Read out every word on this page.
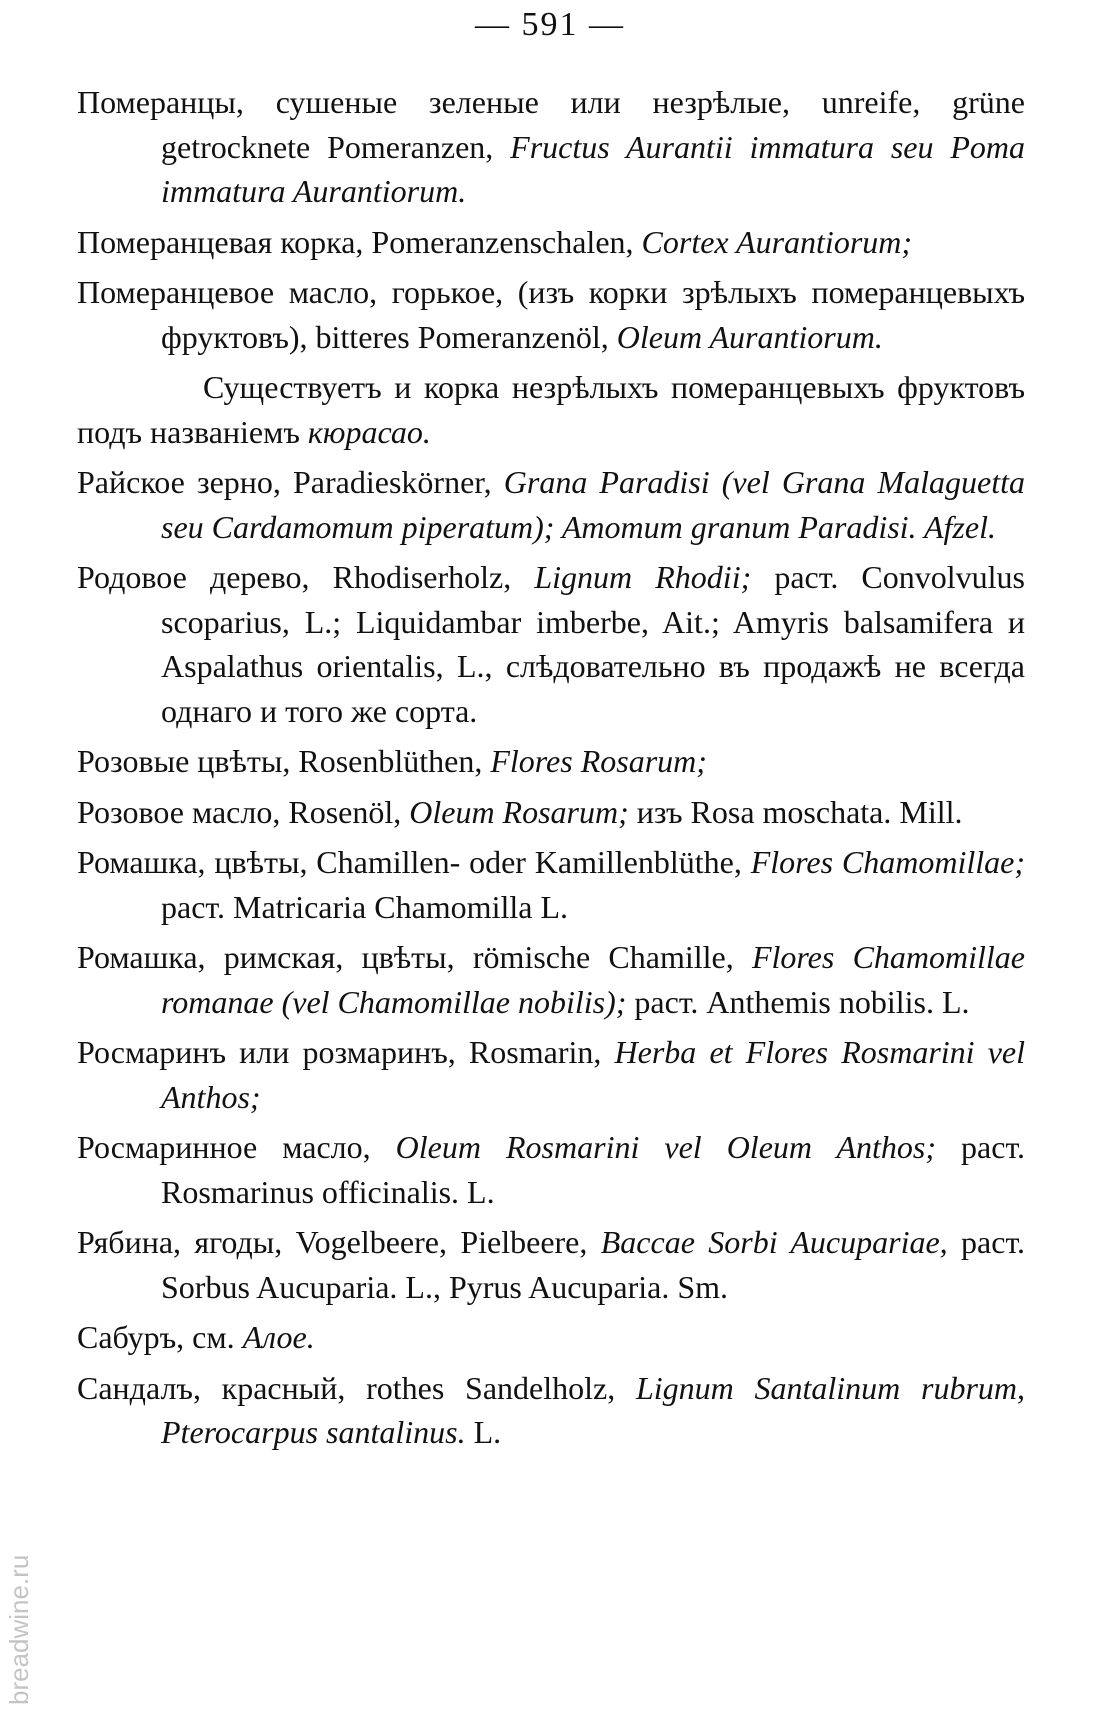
— 591 —

Померанцы, сушеные зеленые или незрѣлые, unreife, grüne getrocknete Pomeranzen, Fructus Aurantii immatura seu Poma immatura Aurantiorum.

Померанцевая корка, Pomeranzenschalen, Cortex Aurantiorum;

Померанцевое масло, горькое, (изъ корки зрѣлыхъ померанцевыхъ фруктовъ), bitteres Pomeranzenöl, Oleum Aurantiorum.

Существуетъ и корка незрѣлыхъ померанцевыхъ фруктовъ подъ названіемъ кюрасао.

Райское зерно, Paradieskörner, Grana Paradisi (vel Grana Malaguetta seu Cardamomum piperatum); Amomum granum Paradisi. Afzel.

Родовое дерево, Rhodiserholz, Lignum Rhodii; раст. Convolvulus scoparius, L.; Liquidambar imberbe, Ait.; Amyris balsamifera и Aspalathus orientalis, L., слѣдовательно въ продажѣ не всегда однаго и того же сорта.

Розовые цвѣты, Rosenblüthen, Flores Rosarum;

Розовое масло, Rosenöl, Oleum Rosarum; изъ Rosa moschata. Mill.

Ромашка, цвѣты, Chamillen- oder Kamillenblüthe, Flores Chamomillae; раст. Matricaria Chamomilla L.

Ромашка, римская, цвѣты, römische Chamille, Flores Chamomillae romanae (vel Chamomillae nobilis); раст. Anthemis nobilis. L.

Росмаринъ или розмаринъ, Rosmarin, Herba et Flores Rosmarini vel Anthos;

Росмаринное масло, Oleum Rosmarini vel Oleum Anthos; раст. Rosmarinus officinalis. L.

Рябина, ягоды, Vogelbeere, Pielbeere, Baccae Sorbi Aucupariae, раст. Sorbus Aucuparia. L., Pyrus Aucuparia. Sm.

Сабуръ, см. Алое.

Сандалъ, красный, rothes Sandelholz, Lignum Santalinum rubrum, Pterocarpus santalinus. L.

breadwine.ru
